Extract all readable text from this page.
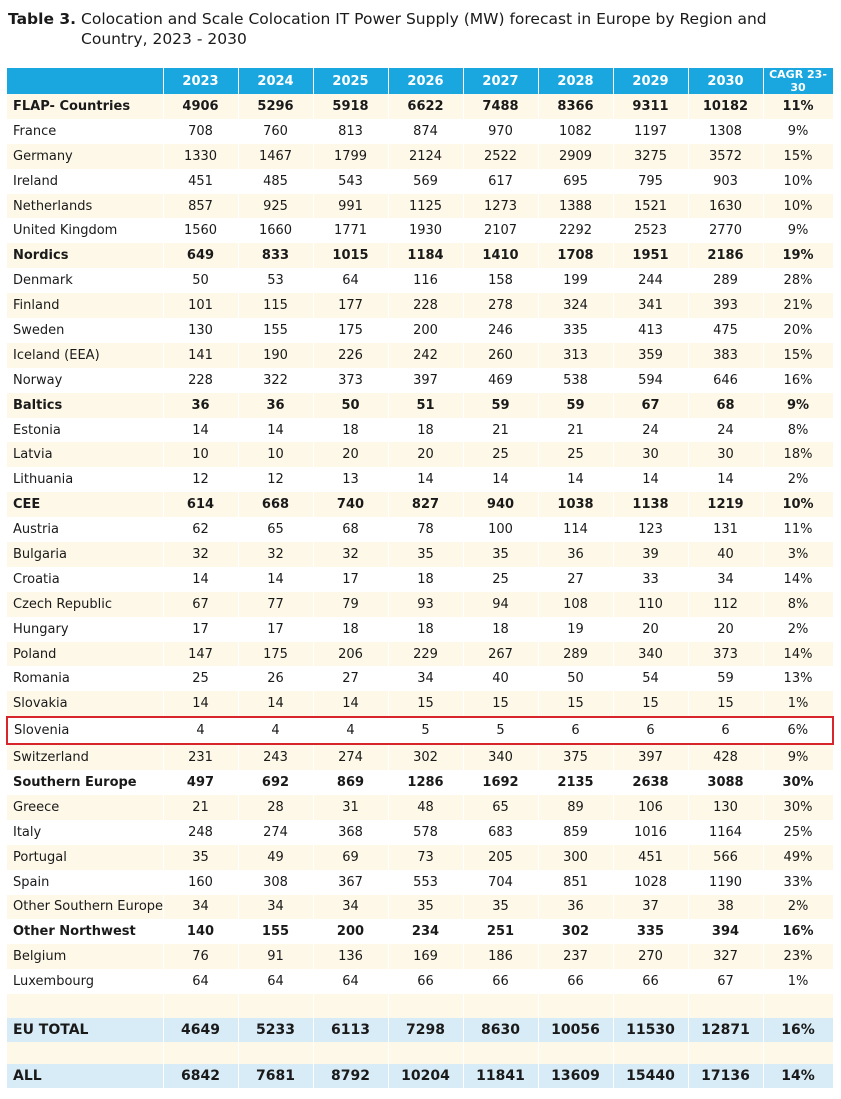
Table 3. Colocation and Scale Colocation IT Power Supply (MW) forecast in Europe by Region and Country, 2023 - 2030
	2023	2024	2025	2026	2027	2028	2029	2030	CAGR 23-30
FLAP- Countries	4906	5296	5918	6622	7488	8366	9311	10182	11%
France	708	760	813	874	970	1082	1197	1308	9%
Germany	1330	1467	1799	2124	2522	2909	3275	3572	15%
Ireland	451	485	543	569	617	695	795	903	10%
Netherlands	857	925	991	1125	1273	1388	1521	1630	10%
United Kingdom	1560	1660	1771	1930	2107	2292	2523	2770	9%
Nordics	649	833	1015	1184	1410	1708	1951	2186	19%
Denmark	50	53	64	116	158	199	244	289	28%
Finland	101	115	177	228	278	324	341	393	21%
Sweden	130	155	175	200	246	335	413	475	20%
Iceland (EEA)	141	190	226	242	260	313	359	383	15%
Norway	228	322	373	397	469	538	594	646	16%
Baltics	36	36	50	51	59	59	67	68	9%
Estonia	14	14	18	18	21	21	24	24	8%
Latvia	10	10	20	20	25	25	30	30	18%
Lithuania	12	12	13	14	14	14	14	14	2%
CEE	614	668	740	827	940	1038	1138	1219	10%
Austria	62	65	68	78	100	114	123	131	11%
Bulgaria	32	32	32	35	35	36	39	40	3%
Croatia	14	14	17	18	25	27	33	34	14%
Czech Republic	67	77	79	93	94	108	110	112	8%
Hungary	17	17	18	18	18	19	20	20	2%
Poland	147	175	206	229	267	289	340	373	14%
Romania	25	26	27	34	40	50	54	59	13%
Slovakia	14	14	14	15	15	15	15	15	1%
Slovenia	4	4	4	5	5	6	6	6	6%
Switzerland	231	243	274	302	340	375	397	428	9%
Southern Europe	497	692	869	1286	1692	2135	2638	3088	30%
Greece	21	28	31	48	65	89	106	130	30%
Italy	248	274	368	578	683	859	1016	1164	25%
Portugal	35	49	69	73	205	300	451	566	49%
Spain	160	308	367	553	704	851	1028	1190	33%
Other Southern Europe	34	34	34	35	35	36	37	38	2%
Other Northwest	140	155	200	234	251	302	335	394	16%
Belgium	76	91	136	169	186	237	270	327	23%
Luxembourg	64	64	64	66	66	66	66	67	1%

EU TOTAL	4649	5233	6113	7298	8630	10056	11530	12871	16%

ALL	6842	7681	8792	10204	11841	13609	15440	17136	14%
